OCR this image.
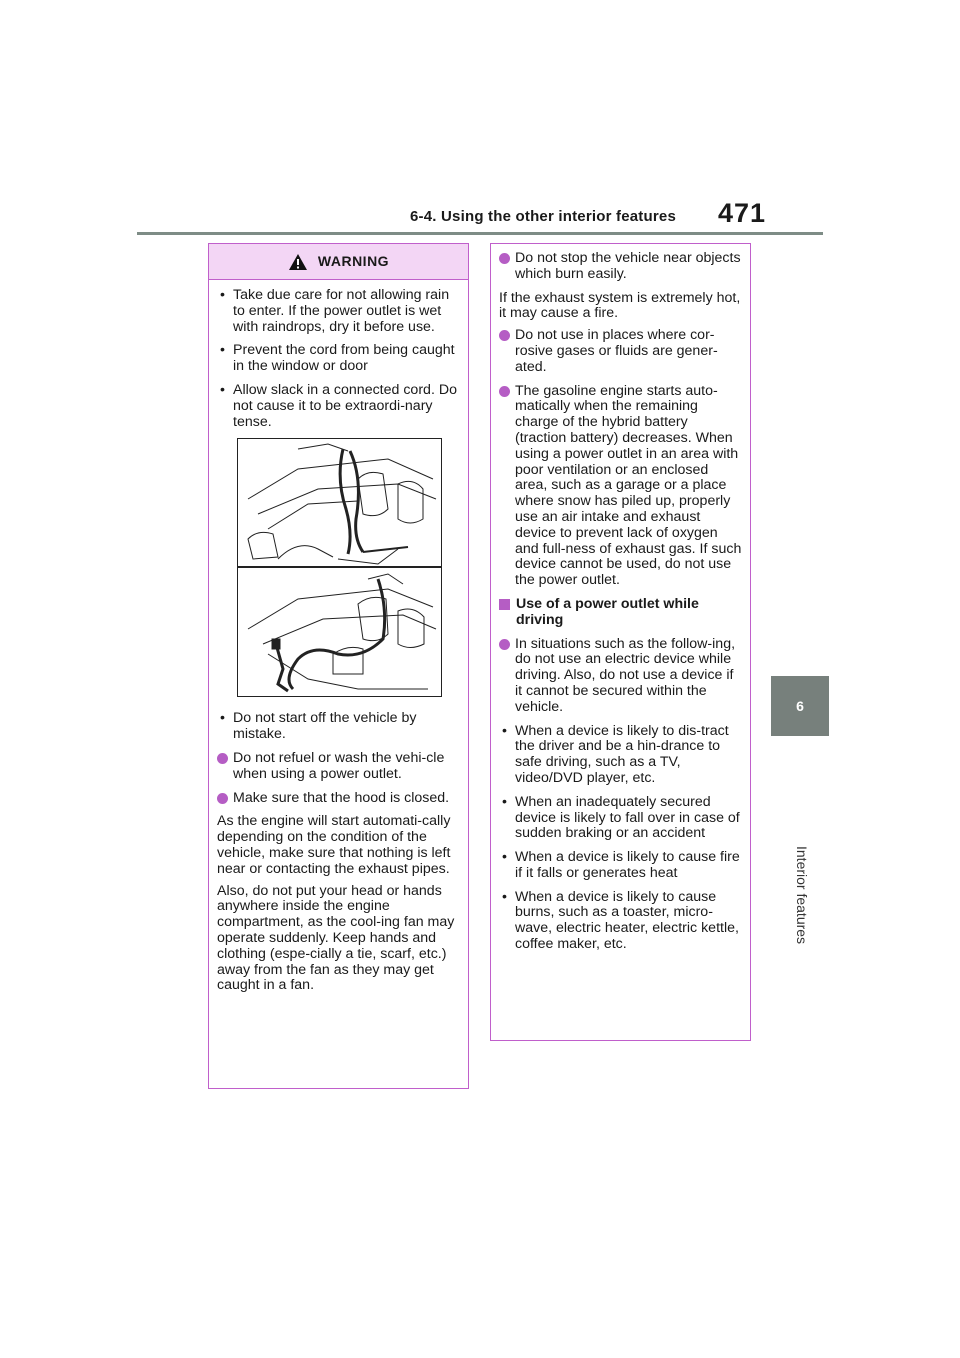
6-4. Using the other interior features 471
6
Interior features
WARNING

• Take due care for not allowing rain to enter. If the power outlet is wet with raindrops, dry it before use.

• Prevent the cord from being caught in the window or door

• Allow slack in a connected cord. Do not cause it to be extraordi-nary tense.

• Do not start off the vehicle by mistake.

Do not refuel or wash the vehi-cle when using a power outlet.

Make sure that the hood is closed.

As the engine will start automati-cally depending on the condition of the vehicle, make sure that nothing is left near or contacting the exhaust pipes.

Also, do not put your head or hands anywhere inside the engine compartment, as the cool-ing fan may operate suddenly. Keep hands and clothing (espe-cially a tie, scarf, etc.) away from the fan as they may get caught in a fan.

Do not stop the vehicle near objects which burn easily.

If the exhaust system is extremely hot, it may cause a fire.

Do not use in places where cor-rosive gases or fluids are gener-ated.

The gasoline engine starts auto-matically when the remaining charge of the hybrid battery (traction battery) decreases. When using a power outlet in an area with poor ventilation or an enclosed area, such as a garage or a place where snow has piled up, properly use an air intake and exhaust device to prevent lack of oxygen and full-ness of exhaust gas. If such device cannot be used, do not use the power outlet.

Use of a power outlet while driving

In situations such as the follow-ing, do not use an electric device while driving. Also, do not use a device if it cannot be secured within the vehicle.

• When a device is likely to dis-tract the driver and be a hin-drance to safe driving, such as a TV, video/DVD player, etc.

• When an inadequately secured device is likely to fall over in case of sudden braking or an accident

• When a device is likely to cause fire if it falls or generates heat

• When a device is likely to cause burns, such as a toaster, micro-wave, electric heater, electric kettle, coffee maker, etc.
